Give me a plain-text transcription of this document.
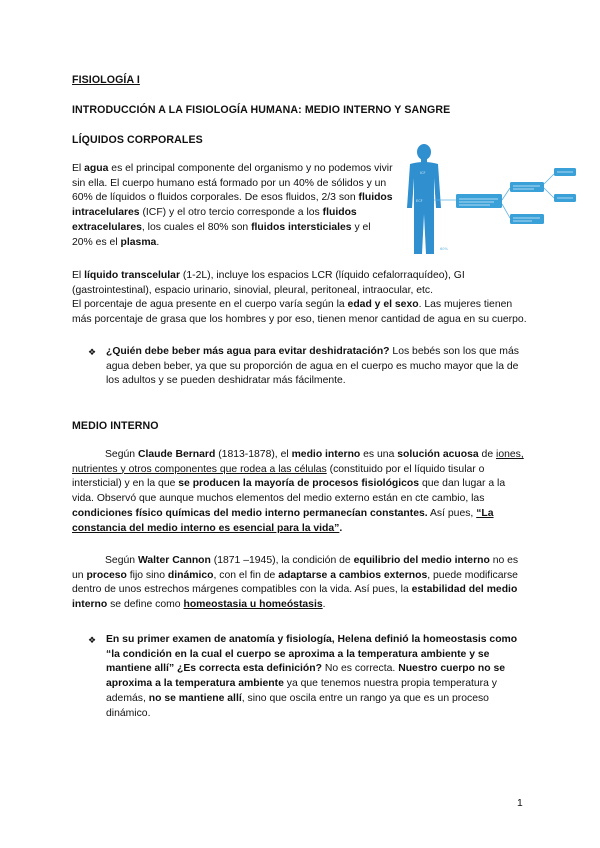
FISIOLOGÍA I
INTRODUCCIÓN A LA FISIOLOGÍA HUMANA: MEDIO INTERNO Y SANGRE
LÍQUIDOS CORPORALES
El agua es el principal componente del organismo y no podemos vivir sin ella. El cuerpo humano está formado por un 40% de sólidos y un 60% de líquidos o fluidos corporales. De esos fluidos, 2/3 son fluidos intracelulares (ICF) y el otro tercio corresponde a los fluidos extracelulares, los cuales el 80% son fluidos intersticiales y el 20% es el plasma.
ICF
ECF
60%
El líquido transcelular (1-2L), incluye los espacios LCR (líquido cefalorraquídeo), GI (gastrointestinal), espacio urinario, sinovial, pleural, peritoneal, intraocular, etc.
El porcentaje de agua presente en el cuerpo varía según la edad y el sexo. Las mujeres tienen más porcentaje de grasa que los hombres y por eso, tienen menor cantidad de agua en su cuerpo.
❖ ¿Quién debe beber más agua para evitar deshidratación? Los bebés son los que más agua deben beber, ya que su proporción de agua en el cuerpo es mucho mayor que la de los adultos y se pueden deshidratar más fácilmente.
MEDIO INTERNO
Según Claude Bernard (1813-1878), el medio interno es una solución acuosa de iones, nutrientes y otros componentes que rodea a las células (constituido por el líquido tisular o intersticial) y en la que se producen la mayoría de procesos fisiológicos que dan lugar a la vida. Observó que aunque muchos elementos del medio externo están en cte cambio, las condiciones físico químicas del medio interno permanecían constantes. Así pues, “La constancia del medio interno es esencial para la vida”.
Según Walter Cannon (1871 –1945), la condición de equilibrio del medio interno no es un proceso fijo sino dinámico, con el fin de adaptarse a cambios externos, puede modificarse dentro de unos estrechos márgenes compatibles con la vida. Así pues, la estabilidad del medio interno se define como homeostasia u homeóstasis.
❖ En su primer examen de anatomía y fisiología, Helena definió la homeostasis como “la condición en la cual el cuerpo se aproxima a la temperatura ambiente y se mantiene allí” ¿Es correcta esta definición? No es correcta. Nuestro cuerpo no se aproxima a la temperatura ambiente ya que tenemos nuestra propia temperatura y además, no se mantiene allí, sino que oscila entre un rango ya que es un proceso dinámico.
1
